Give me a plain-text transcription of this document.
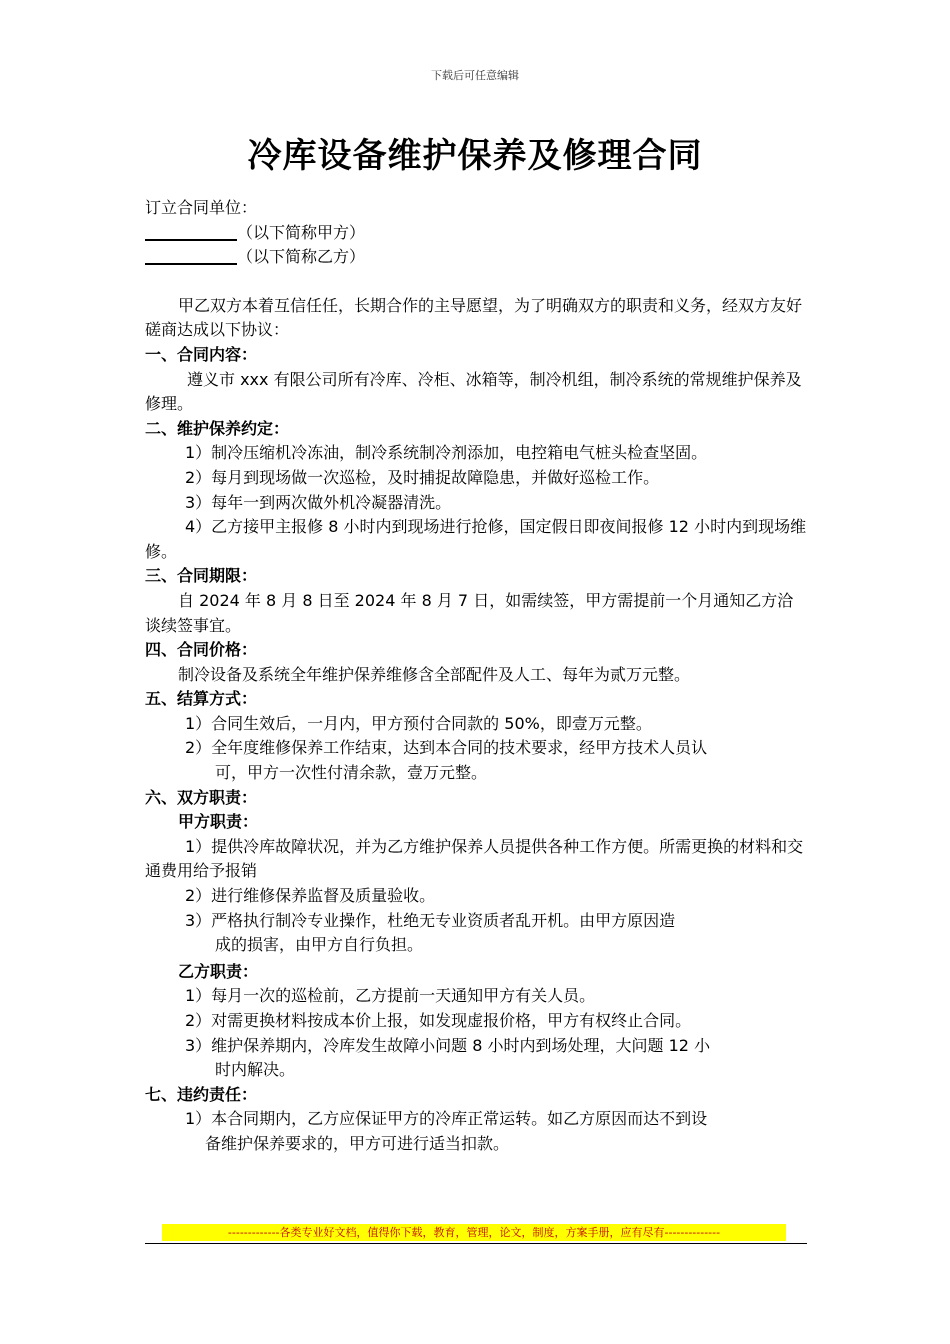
下载后可任意编辑
冷库设备维护保养及修理合同
订立合同单位：
（以下简称甲方）
（以下简称乙方）
甲乙双方本着互信任任，长期合作的主导愿望，为了明确双方的职责和义务，经双方友好磋商达成以下协议：
一、合同内容：
遵义市 xxx 有限公司所有冷库、冷柜、冰箱等，制冷机组，制冷系统的常规维护保养及修理。
二、维护保养约定：
1）制冷压缩机冷冻油，制冷系统制冷剂添加，电控箱电气桩头检查坚固。
2）每月到现场做一次巡检，及时捕捉故障隐患，并做好巡检工作。
3）每年一到两次做外机冷凝器清洗。
4）乙方接甲主报修 8 小时内到现场进行抢修，国定假日即夜间报修 12 小时内到现场维修。
三、合同期限：
自 2024 年 8 月 8 日至 2024 年 8 月 7 日，如需续签，甲方需提前一个月通知乙方洽谈续签事宜。
四、合同价格：
制冷设备及系统全年维护保养维修含全部配件及人工、每年为贰万元整。
五、结算方式：
1）合同生效后，一月内，甲方预付合同款的 50%，即壹万元整。
2）全年度维修保养工作结束，达到本合同的技术要求，经甲方技术人员认
可，甲方一次性付清余款，壹万元整。
六、双方职责：
甲方职责：
1）提供冷库故障状况，并为乙方维护保养人员提供各种工作方便。所需更换的材料和交通费用给予报销
2）进行维修保养监督及质量验收。
3）严格执行制冷专业操作，杜绝无专业资质者乱开机。由甲方原因造
成的损害，由甲方自行负担。
乙方职责：
1）每月一次的巡检前，乙方提前一天通知甲方有关人员。
2）对需更换材料按成本价上报，如发现虚报价格，甲方有权终止合同。
3）维护保养期内，冷库发生故障小问题 8 小时内到场处理，大问题 12 小
时内解决。
七、违约责任：
1）本合同期内，乙方应保证甲方的冷库正常运转。如乙方原因而达不到设
备维护保养要求的，甲方可进行适当扣款。
-------------各类专业好文档，值得你下载，教育，管理，论文，制度，方案手册，应有尽有--------------
